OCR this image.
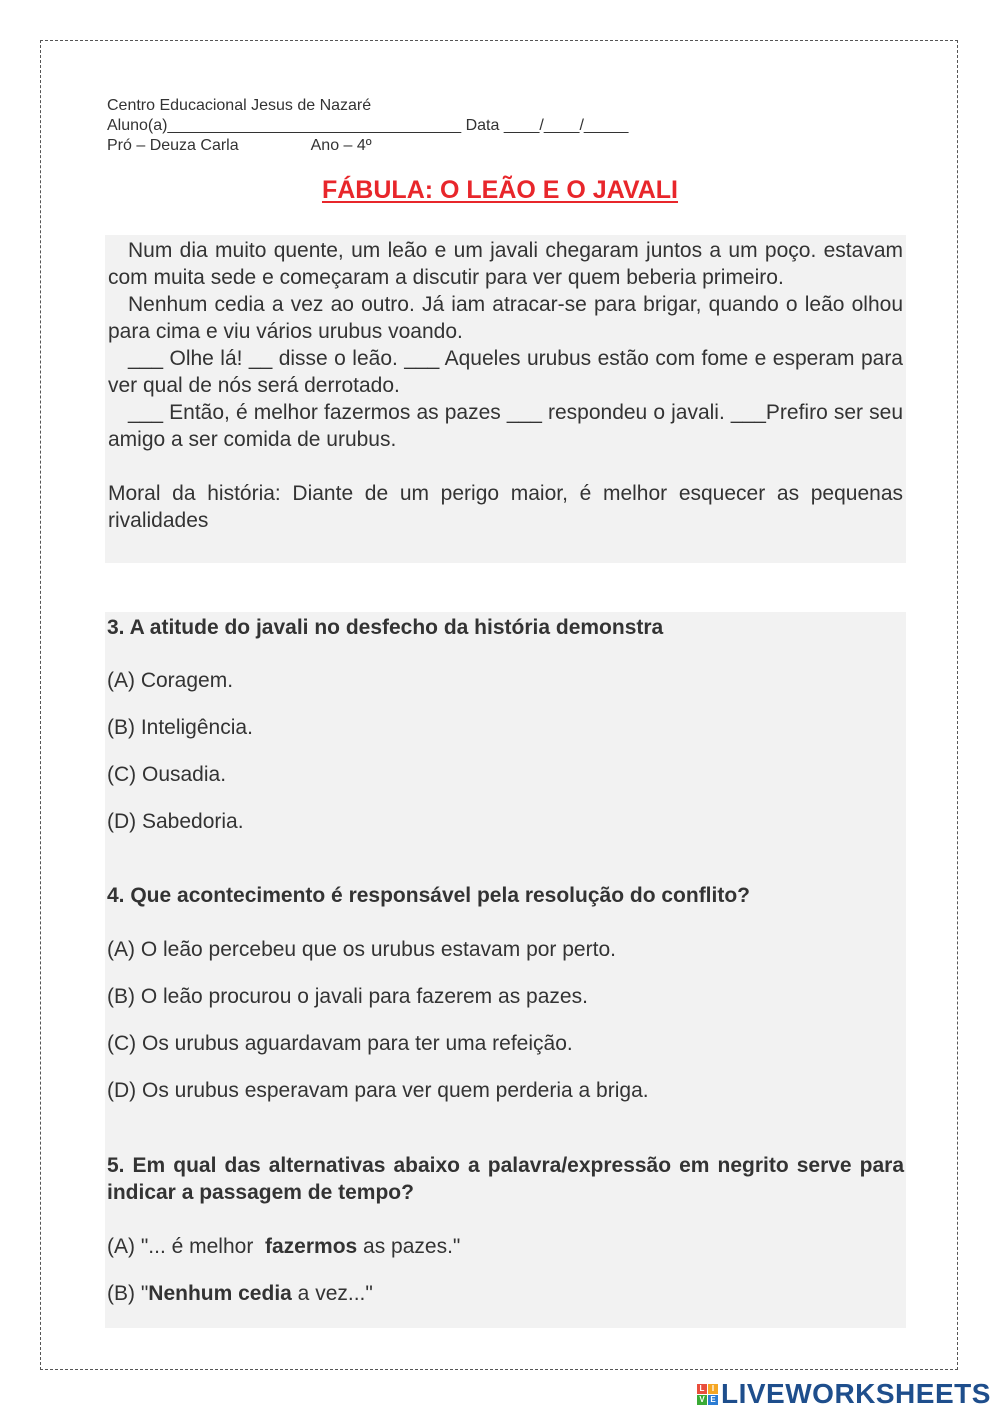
Centro Educacional Jesus de Nazaré
Aluno(a)_________________________________ Data ____/____/_____
Pró – Deuza Carla	Ano – 4º
FÁBULA: O LEÃO E O JAVALI

Num dia muito quente, um leão e um javali chegaram juntos a um poço. estavam com muita sede e começaram a discutir para ver quem beberia primeiro.

Nenhum cedia a vez ao outro. Já iam atracar-se para brigar, quando o leão olhou para cima e viu vários urubus voando.

___ Olhe lá! __ disse o leão. ___ Aqueles urubus estão com fome e esperam para ver qual de nós será derrotado.

___ Então, é melhor fazermos as pazes ___ respondeu o javali. ___Prefiro ser seu amigo a ser comida de urubus.

Moral da história: Diante de um perigo maior, é melhor esquecer as pequenas rivalidades

3. A atitude do javali no desfecho da história demonstra
(A) Coragem.
(B) Inteligência.
(C) Ousadia.
(D) Sabedoria.
4. Que acontecimento é responsável pela resolução do conflito?
(A) O leão percebeu que os urubus estavam por perto.
(B) O leão procurou o javali para fazerem as pazes.
(C) Os urubus aguardavam para ter uma refeição.
(D) Os urubus esperavam para ver quem perderia a briga.
5. Em qual das alternativas abaixo a palavra/expressão em negrito serve para indicar a passagem de tempo?
(A) "... é melhor  fazermos as pazes."
(B) "Nenhum cedia a vez..."
L I
V E LIVEWORKSHEETS
